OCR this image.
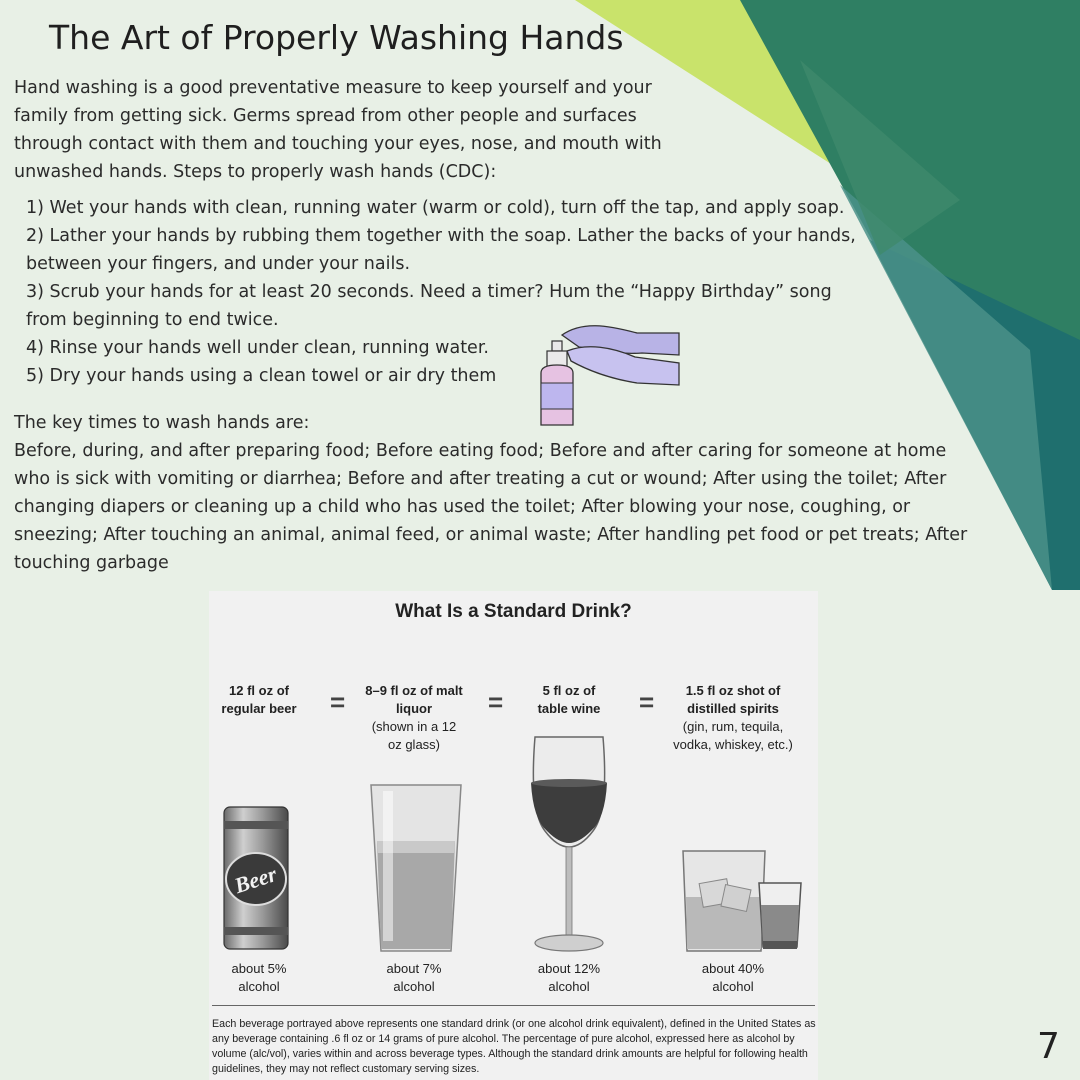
The Art of Properly Washing Hands
Hand washing is a good preventative measure to keep yourself and your family from getting sick. Germs spread from other people and surfaces through contact with them and touching your eyes, nose, and mouth with unwashed hands. Steps to properly wash hands (CDC):

1) Wet your hands with clean, running water (warm or cold), turn off the tap, and apply soap.

2) Lather your hands by rubbing them together with the soap. Lather the backs of your hands, between your fingers, and under your nails.

3) Scrub your hands for at least 20 seconds. Need a timer? Hum the “Happy Birthday” song from beginning to end twice.

4) Rinse your hands well under clean, running water.

5) Dry your hands using a clean towel or air dry them

The key times to wash hands are:
Before, during, and after preparing food; Before eating food; Before and after caring for someone at home who is sick with vomiting or diarrhea; Before and after treating a cut or wound; After using the toilet; After changing diapers or cleaning up a child who has used the toilet; After blowing your nose, coughing, or sneezing; After touching an animal, animal feed, or animal waste; After handling pet food or pet treats; After touching garbage
What Is a Standard Drink?
12 fl oz of regular beer	= 8–9 fl oz of malt liquor
(shown in a 12 oz glass)
=	5 fl oz of table wine	=	1.5 fl oz shot of distilled spirits
(gin, rum, tequila, vodka, whiskey, etc.)
Beer
about 5%
alcohol
about 7%
alcohol
about 12%
alcohol
about 40%
alcohol
Each beverage portrayed above represents one standard drink (or one alcohol drink equivalent), defined in the United States as any beverage containing .6 fl oz or 14 grams of pure alcohol. The percentage of pure alcohol, expressed here as alcohol by volume (alc/vol), varies within and across beverage types. Although the standard drink amounts are helpful for following health guidelines, they may not reflect customary serving sizes.
7
